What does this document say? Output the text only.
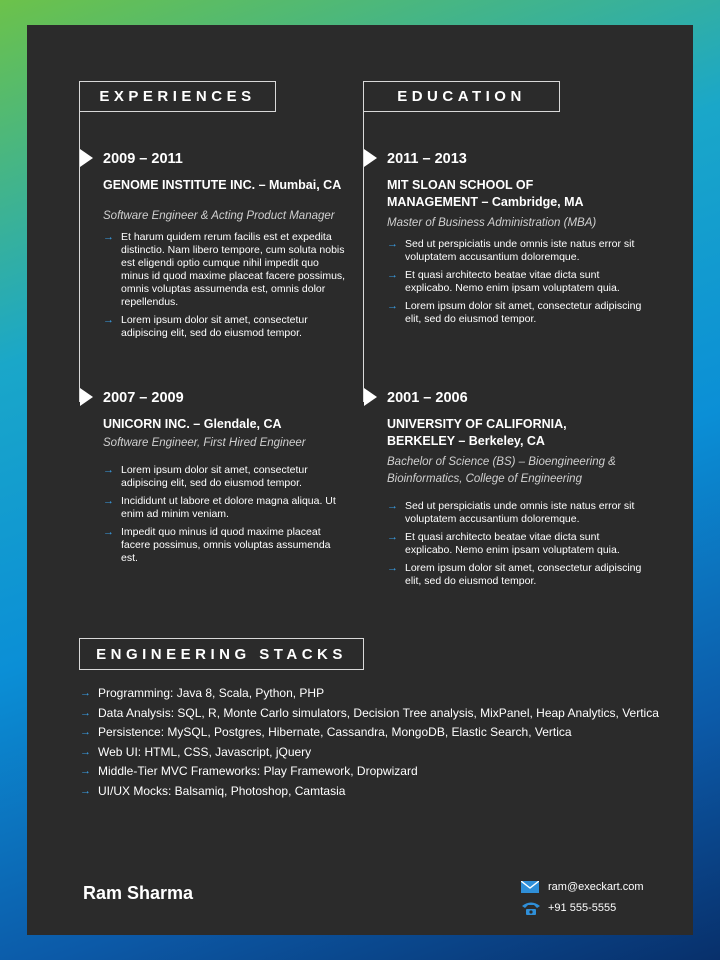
EXPERIENCES
2009 – 2011
GENOME INSTITUTE INC. – Mumbai, CA
Software Engineer & Acting Product Manager
→ Et harum quidem rerum facilis est et expedita distinctio. Nam libero tempore, cum soluta nobis est eligendi optio cumque nihil impedit quo minus id quod maxime placeat facere possimus, omnis voluptas assumenda est, omnis dolor repellendus.
→ Lorem ipsum dolor sit amet, consectetur adipiscing elit, sed do eiusmod tempor.
2007 – 2009
UNICORN INC. – Glendale, CA
Software Engineer, First Hired Engineer
→ Lorem ipsum dolor sit amet, consectetur adipiscing elit, sed do eiusmod tempor.
→ Incididunt ut labore et dolore magna aliqua. Ut enim ad minim veniam.
→ Impedit quo minus id quod maxime placeat facere possimus, omnis voluptas assumenda est.
EDUCATION
2011 – 2013
MIT SLOAN SCHOOL OF MANAGEMENT – Cambridge, MA
Master of Business Administration (MBA)
→ Sed ut perspiciatis unde omnis iste natus error sit voluptatem accusantium doloremque.
→ Et quasi architecto beatae vitae dicta sunt explicabo. Nemo enim ipsam voluptatem quia.
→ Lorem ipsum dolor sit amet, consectetur adipiscing elit, sed do eiusmod tempor.
2001 – 2006
UNIVERSITY OF CALIFORNIA, BERKELEY – Berkeley, CA
Bachelor of Science (BS) – Bioengineering & Bioinformatics, College of Engineering
→ Sed ut perspiciatis unde omnis iste natus error sit voluptatem accusantium doloremque.
→ Et quasi architecto beatae vitae dicta sunt explicabo. Nemo enim ipsam voluptatem quia.
→ Lorem ipsum dolor sit amet, consectetur adipiscing elit, sed do eiusmod tempor.
ENGINEERING STACKS
→ Programming: Java 8, Scala, Python, PHP
→ Data Analysis: SQL, R, Monte Carlo simulators, Decision Tree analysis, MixPanel, Heap Analytics, Vertica
→ Persistence: MySQL, Postgres, Hibernate, Cassandra, MongoDB, Elastic Search, Vertica
→ Web UI: HTML, CSS, Javascript, jQuery
→ Middle-Tier MVC Frameworks: Play Framework, Dropwizard
→ UI/UX Mocks: Balsamiq, Photoshop, Camtasia
Ram Sharma	ram@execkart.com
+91 555-5555
